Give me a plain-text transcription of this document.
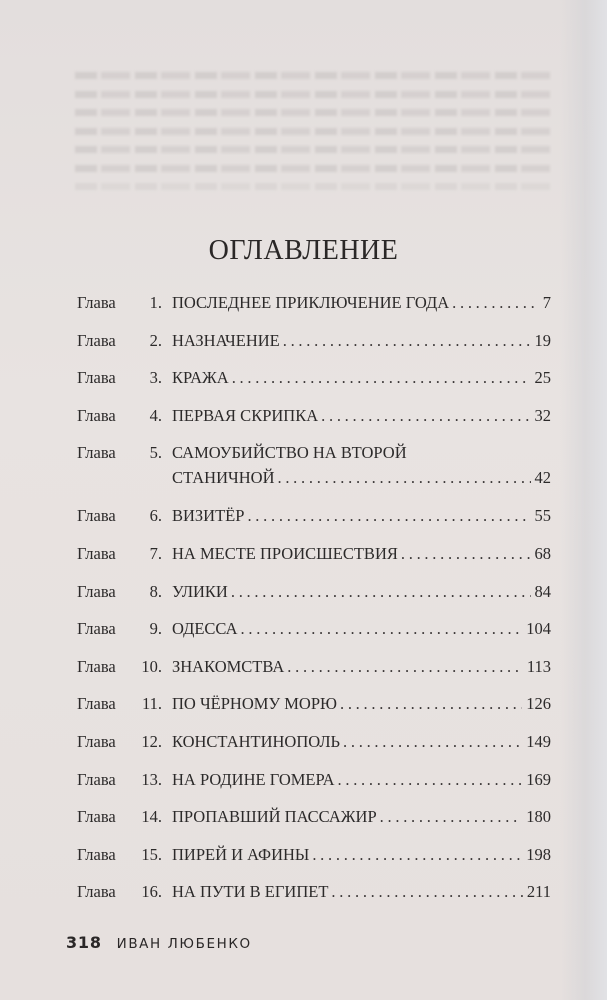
ОГЛАВЛЕНИЕ
Глава	1. ПОСЛЕДНЕЕ ПРИКЛЮЧЕНИЕ ГОДА . . .	7
Глава	2. НАЗНАЧЕНИЕ . . .	19
Глава	3. КРАЖА . . .	25
Глава	4. ПЕРВАЯ СКРИПКА . . .	32
Глава	5. САМОУБИЙСТВО НА ВТОРОЙ
СТАНИЧНОЙ . . .	42
Глава	6. ВИЗИТЁР . . .	55
Глава	7. НА МЕСТЕ ПРОИСШЕСТВИЯ . . .	68
Глава	8. УЛИКИ . . .	84
Глава	9. ОДЕССА . . .	104
Глава	10. ЗНАКОМСТВА . . .	113
Глава	11. ПО ЧЁРНОМУ МОРЮ . . .	126
Глава	12. КОНСТАНТИНОПОЛЬ . . .	149
Глава	13. НА РОДИНЕ ГОМЕРА . . .	169
Глава	14. ПРОПАВШИЙ ПАССАЖИР . . .	180
Глава	15. ПИРЕЙ И АФИНЫ . . .	198
Глава	16. НА ПУТИ В ЕГИПЕТ . . .	211
318 ИВАН ЛЮБЕНКО
